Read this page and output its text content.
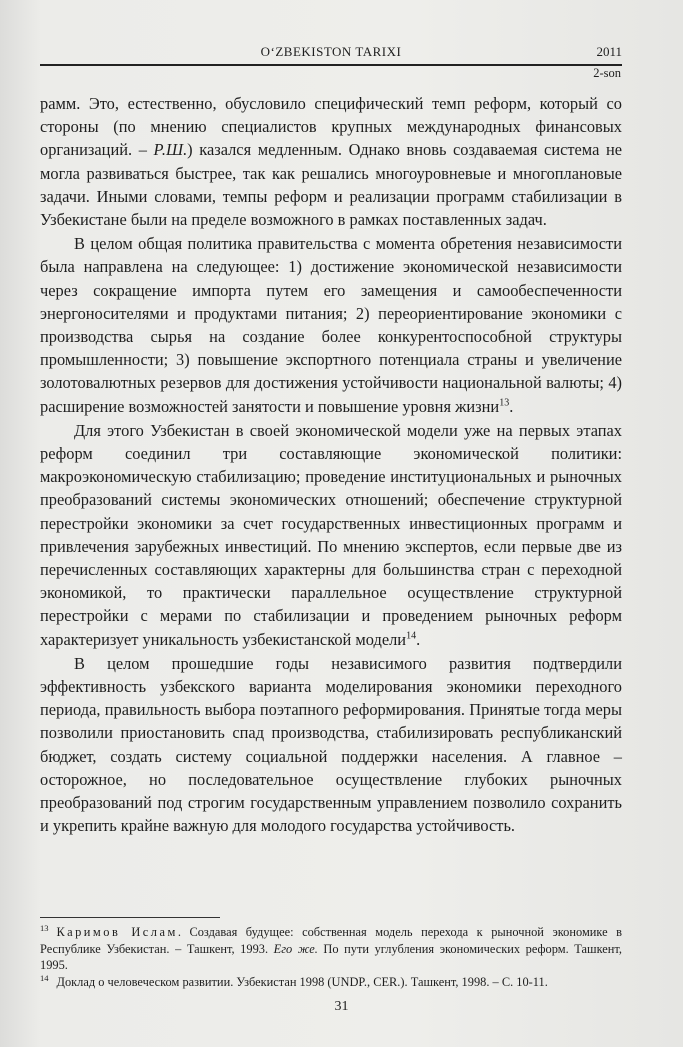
O‘ZBEKISTON TARIXI	2011
2-son

рамм. Это, естественно, обусловило специфический темп реформ, который со стороны (по мнению специалистов крупных международных финансовых организаций. – Р.Ш.) казался медленным. Однако вновь создаваемая система не могла развиваться быстрее, так как решались многоуровневые и многоплановые задачи. Иными словами, темпы реформ и реализации программ стабилизации в Узбекистане были на пределе возможного в рамках поставленных задач.

В целом общая политика правительства с момента обретения независимости была направлена на следующее: 1) достижение экономической независимости через сокращение импорта путем его замещения и самообеспеченности энергоносителями и продуктами питания; 2) переориентирование экономики с производства сырья на создание более конкурентоспособной структуры промышленности; 3) повышение экспортного потенциала страны и увеличение золотовалютных резервов для достижения устойчивости национальной валюты; 4) расширение возможностей занятости и повышение уровня жизни$^{13}$.

Для этого Узбекистан в своей экономической модели уже на первых этапах реформ соединил три составляющие экономической политики: макроэкономическую стабилизацию; проведение институциональных и рыночных преобразований системы экономических отношений; обеспечение структурной перестройки экономики за счет государственных инвестиционных программ и привлечения зарубежных инвестиций. По мнению экспертов, если первые две из перечисленных составляющих характерны для большинства стран с переходной экономикой, то практически параллельное осуществление структурной перестройки с мерами по стабилизации и проведением рыночных реформ характеризует уникальность узбекистанской модели$^{14}$.

В целом прошедшие годы независимого развития подтвердили эффективность узбекского варианта моделирования экономики переходного периода, правильность выбора поэтапного реформирования. Принятые тогда меры позволили приостановить спад производства, стабилизировать республиканский бюджет, создать систему социальной поддержки населения. А главное – осторожное, но последовательное осуществление глубоких рыночных преобразований под строгим государственным управлением позволило сохранить и укрепить крайне важную для молодого государства устойчивость.

$^{13}$ Каримов Ислам. Создавая будущее: собственная модель перехода к рыночной экономике в Республике Узбекистан. – Ташкент, 1993. Его же. По пути углубления экономических реформ. Ташкент, 1995.

$^{14}$ Доклад о человеческом развитии. Узбекистан 1998 (UNDP., CER.). Ташкент, 1998. – С. 10-11.

31
